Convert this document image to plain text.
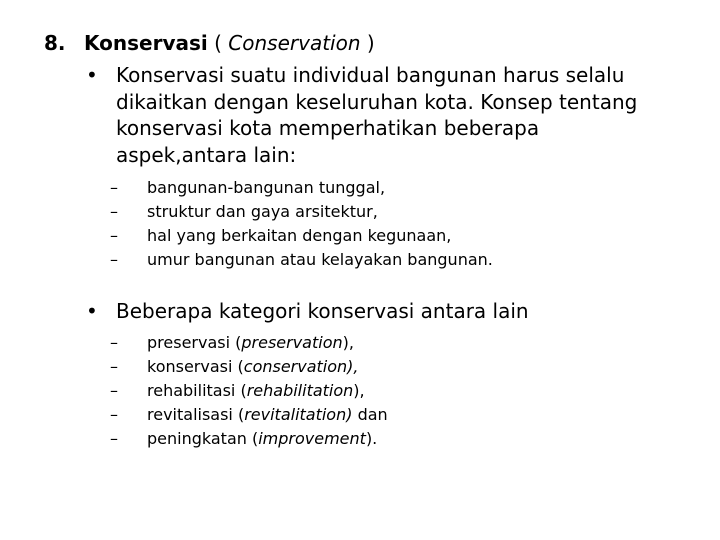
8. Konservasi ( Conservation )
• Konservasi suatu individual bangunan harus selalu dikaitkan dengan keseluruhan kota. Konsep tentang konservasi kota memperhatikan beberapa aspek,antara lain:
–	bangunan-bangunan tunggal,
–	struktur dan gaya arsitektur,
–	hal yang berkaitan dengan kegunaan,
–	umur bangunan atau kelayakan bangunan.
• Beberapa kategori konservasi antara lain
–	preservasi (preservation),
–	konservasi (conservation),
–	rehabilitasi (rehabilitation),
–	revitalisasi (revitalitation) dan
–	peningkatan (improvement).
